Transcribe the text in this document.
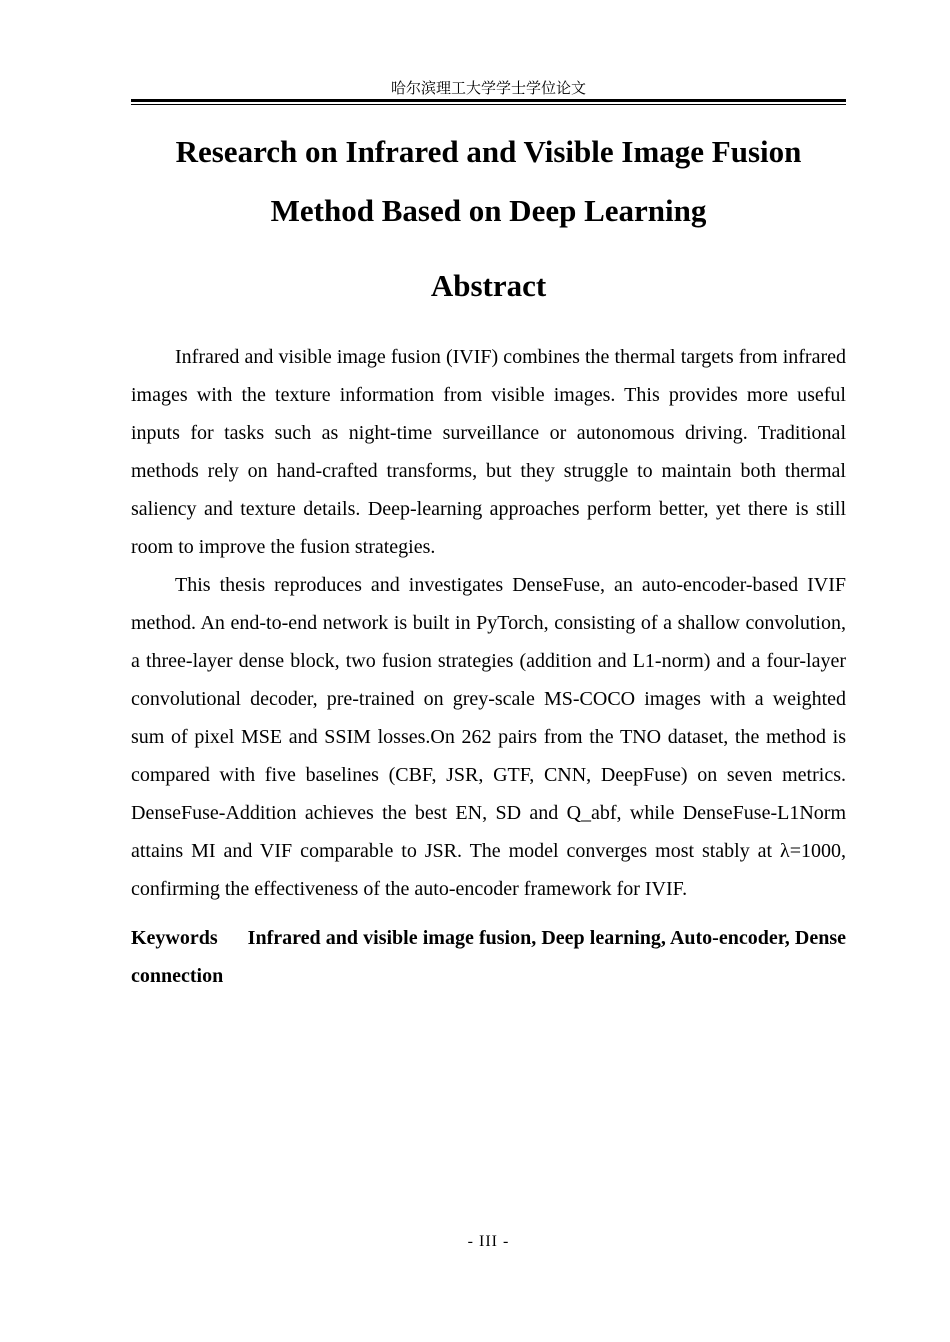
哈尔滨理工大学学士学位论文
Research on Infrared and Visible Image Fusion
Method Based on Deep Learning
Abstract

Infrared and visible image fusion (IVIF) combines the thermal targets from infrared images with the texture information from visible images. This provides more useful inputs for tasks such as night-time surveillance or autonomous driving. Traditional methods rely on hand-crafted transforms, but they struggle to maintain both thermal saliency and texture details. Deep-learning approaches perform better, yet there is still room to improve the fusion strategies.

This thesis reproduces and investigates DenseFuse, an auto-encoder-based IVIF method. An end-to-end network is built in PyTorch, consisting of a shallow convolution, a three-layer dense block, two fusion strategies (addition and L1-norm) and a four-layer convolutional decoder, pre-trained on grey-scale MS-COCO images with a weighted sum of pixel MSE and SSIM losses.On 262 pairs from the TNO dataset, the method is compared with five baselines (CBF, JSR, GTF, CNN, DeepFuse) on seven metrics. DenseFuse-Addition achieves the best EN, SD and Q_abf, while DenseFuse-L1Norm attains MI and VIF comparable to JSR. The model converges most stably at λ=1000, confirming the effectiveness of the auto-encoder framework for IVIF.

Keywords Infrared and visible image fusion, Deep learning, Auto-encoder, Dense connection
- III -
